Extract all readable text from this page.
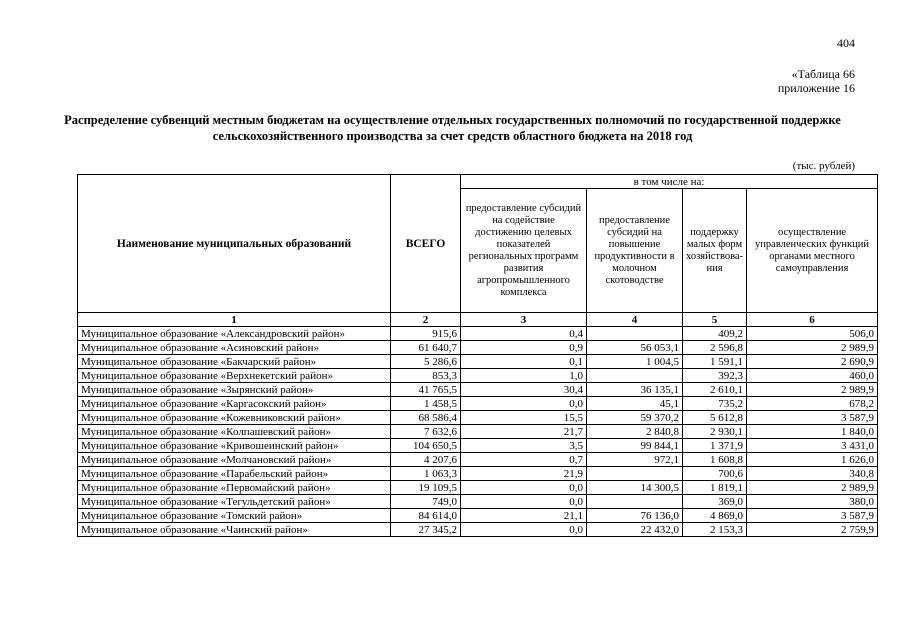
404
«Таблица 66
приложение 16
Распределение субвенций местным бюджетам на осуществление отдельных государственных полномочий по государственной поддержке сельскохозяйственного производства за счет средств областного бюджета на 2018 год
(тыс. рублей)
Наименование муниципальных образований	ВСЕГО	в том числе на:			
		предоставление субсидий на содействие достижению целевых показателей региональных программ развития агропромышленного комплекса	предоставление субсидий на повышение продуктивности в молочном скотоводстве	поддержку малых форм хозяйствова-ния	осуществление управленческих функций органами местного самоуправления
1	2	3	4	5	6
Муниципальное образование «Александровский район»	915,6	0,4		409,2	506,0
Муниципальное образование «Асиновский район»	61 640,7	0,9	56 053,1	2 596,8	2 989,9
Муниципальное образование «Бакчарский район»	5 286,6	0,1	1 004,5	1 591,1	2 690,9
Муниципальное образование «Верхнекетский район»	853,3	1,0		392,3	460,0
Муниципальное образование «Зырянский район»	41 765,5	30,4	36 135,1	2 610,1	2 989,9
Муниципальное образование «Каргасокский район»	1 458,5	0,0	45,1	735,2	678,2
Муниципальное образование «Кожевниковский район»	68 586,4	15,5	59 370,2	5 612,8	3 587,9
Муниципальное образование «Колпашевский район»	7 632,6	21,7	2 840,8	2 930,1	1 840,0
Муниципальное образование «Кривошеинский район»	104 650,5	3,5	99 844,1	1 371,9	3 431,0
Муниципальное образование «Молчановский район»	4 207,6	0,7	972,1	1 608,8	1 626,0
Муниципальное образование «Парабельский район»	1 063,3	21,9		700,6	340,8
Муниципальное образование «Первомайский район»	19 109,5	0,0	14 300,5	1 819,1	2 989,9
Муниципальное образование «Тегульдетский район»	749,0	0,0		369,0	380,0
Муниципальное образование «Томский район»	84 614,0	21,1	76 136,0	4 869,0	3 587,9
Муниципальное образование «Чаинский район»	27 345,2	0,0	22 432,0	2 153,3	2 759,9
